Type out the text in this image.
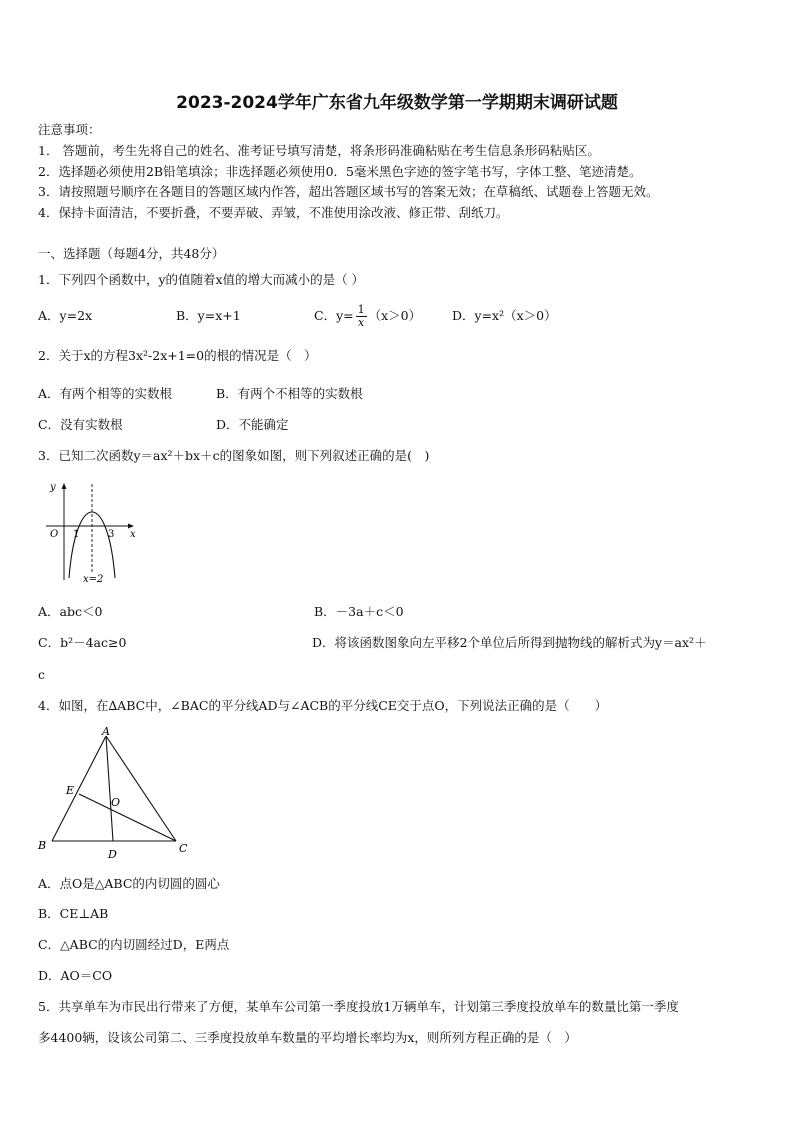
2023-2024学年广东省九年级数学第一学期期末调研试题
注意事项：
1． 答题前，考生先将自己的姓名、准考证号填写清楚，将条形码准确粘贴在考生信息条形码粘贴区。
2．选择题必须使用2B铅笔填涂；非选择题必须使用0．5毫米黑色字迹的签字笔书写，字体工整、笔迹清楚。
3．请按照题号顺序在各题目的答题区域内作答，超出答题区域书写的答案无效；在草稿纸、试题卷上答题无效。
4．保持卡面清洁，不要折叠，不要弄破、弄皱，不准使用涂改液、修正带、刮纸刀。
一、选择题（每题4分，共48分）
1．下列四个函数中，y的值随着x值的增大而减小的是（ ）
A．y=2x	B．y=x+1	C．$y= \frac{1}{x} (x>0)$ D．y=x²（x＞0）
2．关于x的方程3x²-2x+1=0的根的情况是（　）
A．有两个相等的实数根	B．有两个不相等的实数根
C．没有实数根	D．不能确定
3．已知二次函数y＝ax²＋bx＋c的图象如图，则下列叙述正确的是(　)
y
x
O 1	3
x=2
A．abc＜0	B．－3a＋c＜0
C．b²－4ac≥0	D．将该函数图象向左平移2个单位后所得到抛物线的解析式为y＝ax²＋
c
4．如图，在∆ABC中，∠BAC的平分线AD与∠ACB的平分线CE交于点O，下列说法正确的是（　　）
A
B	C
D
E
O
A．点O是△ABC的内切圆的圆心
B．CE⊥AB
C．△ABC的内切圆经过D，E两点
D．AO＝CO
5．共享单车为市民出行带来了方便，某单车公司第一季度投放1万辆单车，计划第三季度投放单车的数量比第一季度
多4400辆，设该公司第二、三季度投放单车数量的平均增长率均为x，则所列方程正确的是（　）
